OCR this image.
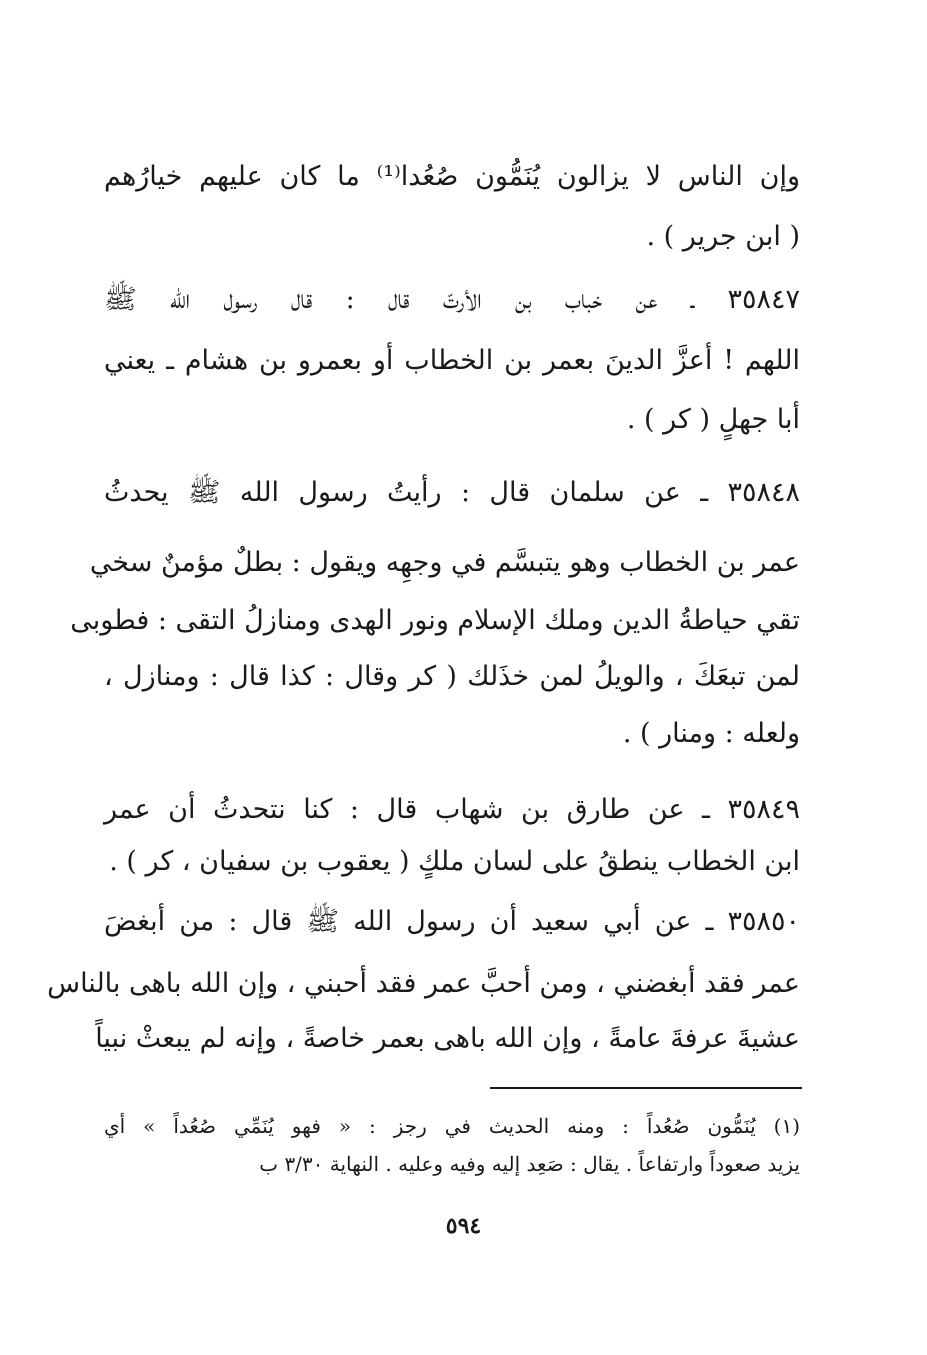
وإن الناس لا يزالون يُنَمُّون صُعُدا⁽¹⁾ ما كان عليهم خيارُهم
( ابن جرير ) .
٣٥٨٤٧ ـ عن خباب بن الأرتّ قال : قال رسول الله ﷺ
اللهم ! أعزَّ الدينَ بعمر بن الخطاب أو بعمرو بن هشام ـ يعني
أبا جهلٍ ( كر ) .
٣٥٨٤٨ ـ عن سلمان قال : رأيتُ رسول الله ﷺ يحدثُ
عمر بن الخطاب وهو يتبسَّم في وجهِه ويقول : بطلٌ مؤمنٌ سخي
تقي حياطةُ الدين وملك الإسلام ونور الهدى ومنازلُ التقى : فطوبى
لمن تبعَكَ ، والويلُ لمن خذَلك ( كر وقال : كذا قال : ومنازل ،
ولعله : ومنار ) .
٣٥٨٤٩ ـ عن طارق بن شهاب قال : كنا نتحدثُ أن عمر
ابن الخطاب ينطقُ على لسان ملكٍ ( يعقوب بن سفيان ، كر ) .
٣٥٨٥٠ ـ عن أبي سعيد أن رسول الله ﷺ قال : من أبغضَ
عمر فقد أبغضني ، ومن أحبَّ عمر فقد أحبني ، وإن الله باهى بالناس
عشيةَ عرفةَ عامةً ، وإن الله باهى بعمر خاصةً ، وإنه لم يبعثْ نبياً
(١) يُنَمُّون صُعُداً : ومنه الحديث في رجز : « فهو يُنَمِّي صُعُداً » أي
يزيد صعوداً وارتفاعاً . يقال : صَعِد إليه وفيه وعليه . النهاية ٣/٣٠ ب
٥٩٤
